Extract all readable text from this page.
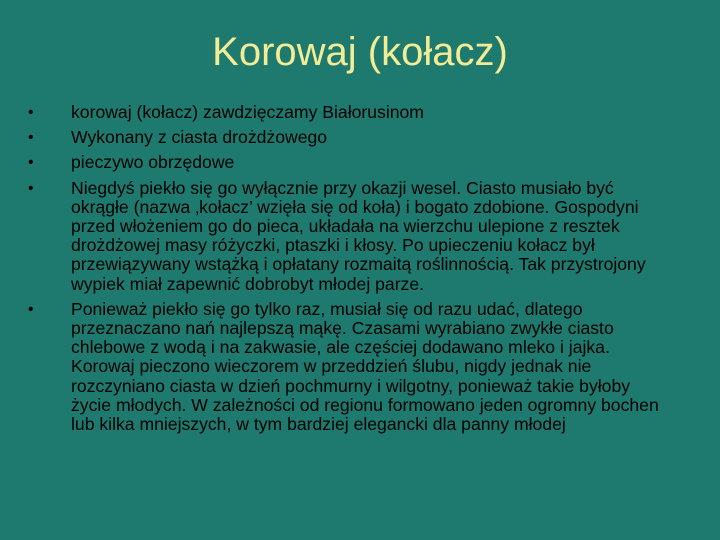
Korowaj (kołacz)
• korowaj (kołacz) zawdzięczamy Białorusinom
• Wykonany z ciasta drożdżowego
• pieczywo obrzędowe
• Niegdyś piekło się go wyłącznie przy okazji wesel. Ciasto musiało być okrągłe (nazwa ‚kołacz’ wzięła się od koła) i bogato zdobione. Gospodyni przed włożeniem go do pieca, układała na wierzchu ulepione z resztek drożdżowej masy różyczki, ptaszki i kłosy. Po upieczeniu kołacz był przewiązywany wstążką i opłatany rozmaitą roślinnością. Tak przystrojony wypiek miał zapewnić dobrobyt młodej parze.
• Ponieważ piekło się go tylko raz, musiał się od razu udać, dlatego przeznaczano nań najlepszą mąkę. Czasami wyrabiano zwykłe ciasto chlebowe z wodą i na zakwasie, ale częściej dodawano mleko i jajka. Korowaj pieczono wieczorem w przeddzień ślubu, nigdy jednak nie rozczyniano ciasta w dzień pochmurny i wilgotny, ponieważ takie byłoby życie młodych. W zależności od regionu formowano jeden ogromny bochen lub kilka mniejszych, w tym bardziej elegancki dla panny młodej
